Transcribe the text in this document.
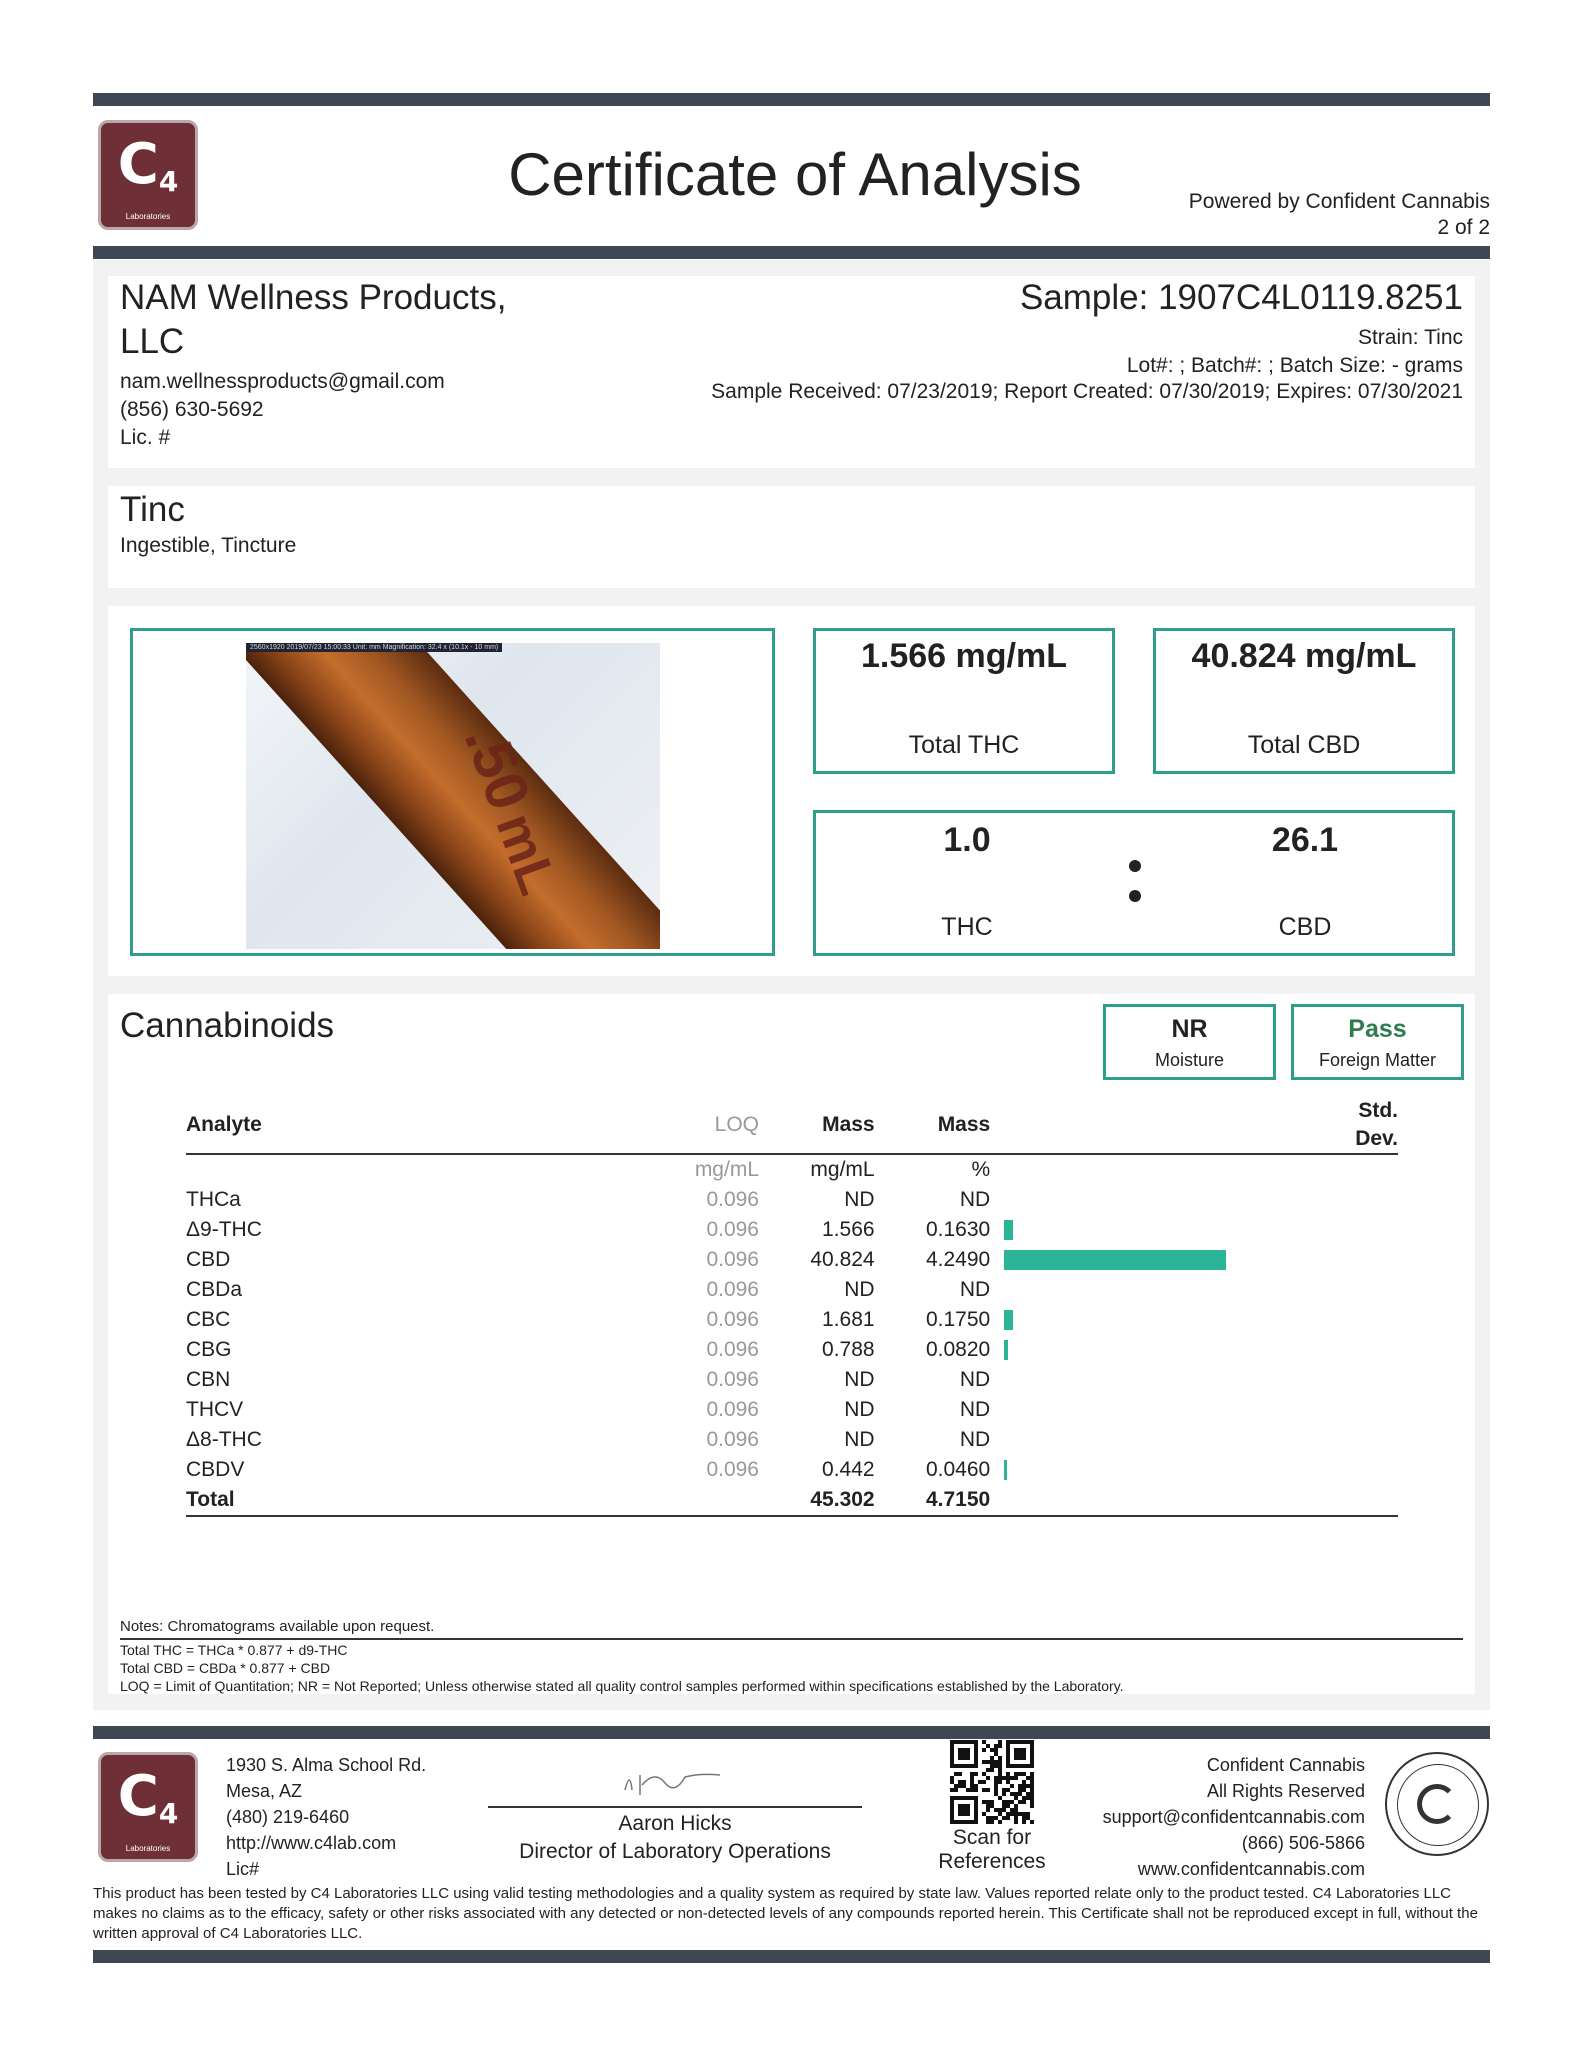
$C_4$
Laboratories
Certificate of Analysis	Powered by Confident Cannabis
2 of 2
NAM Wellness Products,
LLC
nam.wellnessproducts@gmail.com
(856) 630-5692
Lic. #
Sample: 1907C4L0119.8251
Strain: Tinc
Lot#: ; Batch#: ; Batch Size: - grams
Sample Received: 07/23/2019; Report Created: 07/30/2019; Expires: 07/30/2021
Tinc
Ingestible, Tincture
.50
mL
2560x1920 2019/07/23 15:00:33 Unit: mm Magnification: 32.4 x (10.1x - 10 mm)	1.566 mg/mL
Total THC
40.824 mg/mL
Total CBD
1.0
THC
26.1
CBD
Cannabinoids	NR
Moisture
Pass
Foreign Matter
Analyte	LOQ	Mass	Mass		Std. Dev.
	mg/mL	mg/mL	%		
THCa	0.096	ND	ND		
Δ9-THC	0.096	1.566	0.1630		
CBD	0.096	40.824	4.2490		
CBDa	0.096	ND	ND		
CBC	0.096	1.681	0.1750		
CBG	0.096	0.788	0.0820		
CBN	0.096	ND	ND		
THCV	0.096	ND	ND		
Δ8-THC	0.096	ND	ND		
CBDV	0.096	0.442	0.0460		
Total		45.302	4.7150		
Notes: Chromatograms available upon request.
Total THC = THCa * 0.877 + d9-THC
Total CBD = CBDa * 0.877 + CBD
LOQ = Limit of Quantitation; NR = Not Reported; Unless otherwise stated all quality control samples performed within specifications established by the Laboratory.
$C_4$
Laboratories
1930 S. Alma School Rd.
Mesa, AZ
(480) 219-6460
http://www.c4lab.com
Lic#
Aaron Hicks
Director of Laboratory Operations
Scan for
References
Confident Cannabis
All Rights Reserved
support@confidentcannabis.com
(866) 506-5866
www.confidentcannabis.com
This product has been tested by C4 Laboratories LLC using valid testing methodologies and a quality system as required by state law. Values reported relate only to the product tested. C4 Laboratories LLC makes no claims as to the efficacy, safety or other risks associated with any detected or non-detected levels of any compounds reported herein. This Certificate shall not be reproduced except in full, without the written approval of C4 Laboratories LLC.
